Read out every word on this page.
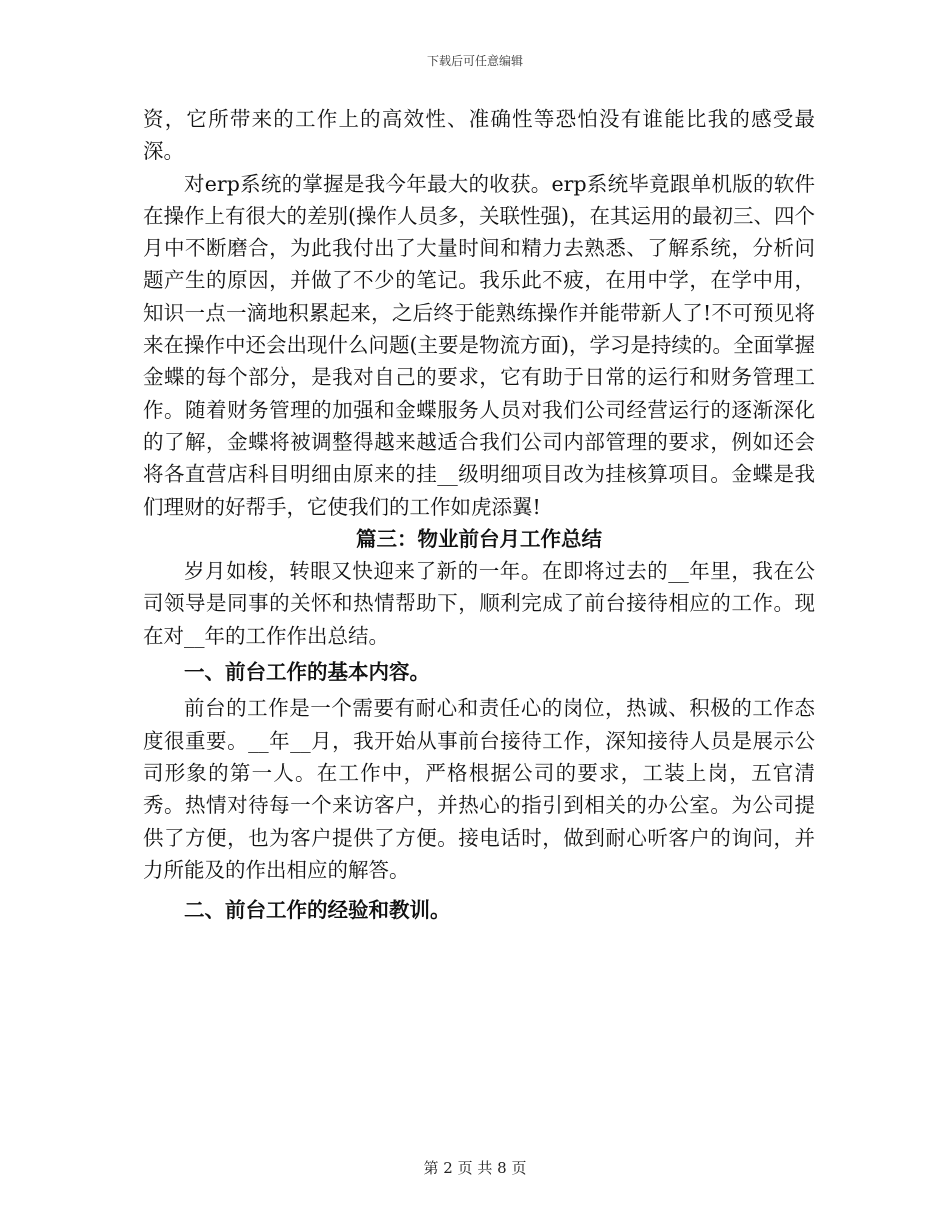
下载后可任意编辑

资，它所带来的工作上的高效性、准确性等恐怕没有谁能比我的感受最深。

对erp系统的掌握是我今年最大的收获。erp系统毕竟跟单机版的软件在操作上有很大的差别(操作人员多，关联性强)，在其运用的最初三、四个月中不断磨合，为此我付出了大量时间和精力去熟悉、了解系统，分析问题产生的原因，并做了不少的笔记。我乐此不疲，在用中学，在学中用，知识一点一滴地积累起来，之后终于能熟练操作并能带新人了!不可预见将来在操作中还会出现什么问题(主要是物流方面)，学习是持续的。全面掌握金蝶的每个部分，是我对自己的要求，它有助于日常的运行和财务管理工作。随着财务管理的加强和金蝶服务人员对我们公司经营运行的逐渐深化的了解，金蝶将被调整得越来越适合我们公司内部管理的要求，例如还会将各直营店科目明细由原来的挂__级明细项目改为挂核算项目。金蝶是我们理财的好帮手，它使我们的工作如虎添翼!

篇三：物业前台月工作总结

岁月如梭，转眼又快迎来了新的一年。在即将过去的__年里，我在公司领导是同事的关怀和热情帮助下，顺利完成了前台接待相应的工作。现在对__年的工作作出总结。

一、前台工作的基本内容。

前台的工作是一个需要有耐心和责任心的岗位，热诚、积极的工作态度很重要。__年__月，我开始从事前台接待工作，深知接待人员是展示公司形象的第一人。在工作中，严格根据公司的要求，工装上岗，五官清秀。热情对待每一个来访客户，并热心的指引到相关的办公室。为公司提供了方便，也为客户提供了方便。接电话时，做到耐心听客户的询问，并力所能及的作出相应的解答。

二、前台工作的经验和教训。

第 2 页 共 8 页
